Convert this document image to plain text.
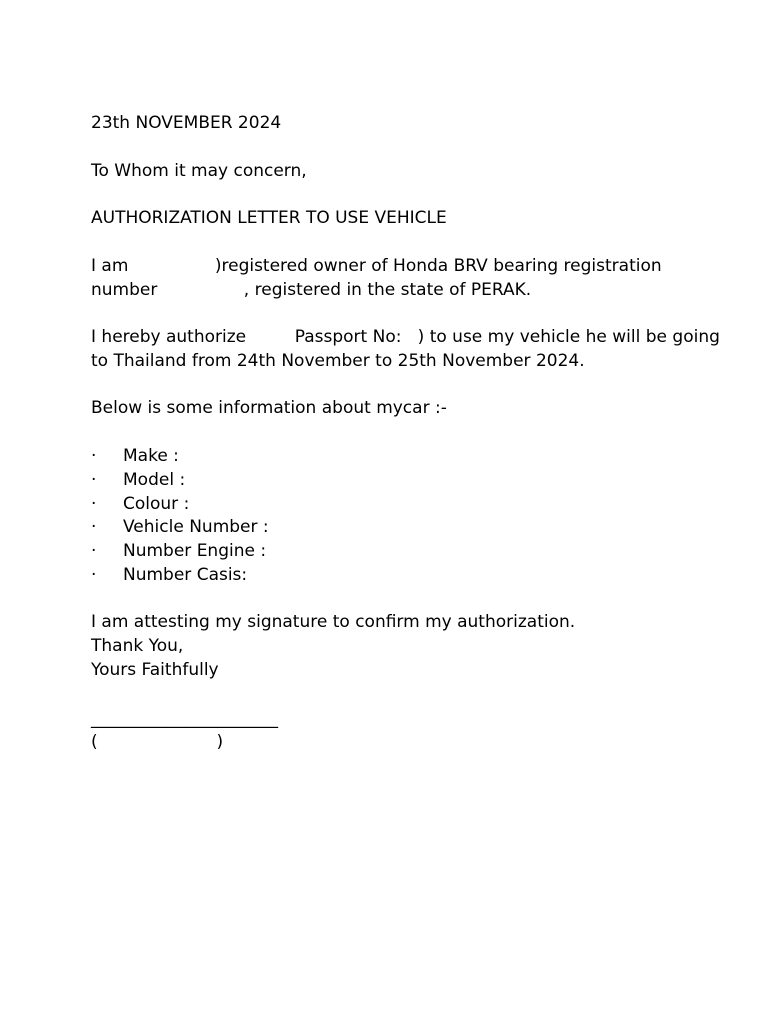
23th NOVEMBER 2024
To Whom it may concern,
AUTHORIZATION LETTER TO USE VEHICLE
I am                )registered owner of Honda BRV bearing registration
number                , registered in the state of PERAK.
I hereby authorize         Passport No:   ) to use my vehicle he will be going
to Thailand from 24th November to 25th November 2024.
Below is some information about mycar :-

·

Make :

·

Model :

·

Colour :

·

Vehicle Number :

·

Number Engine :

·

Number Casis:

I am attesting my signature to confirm my authorization.
Thank You,
Yours Faithfully
______________________
(                      )
